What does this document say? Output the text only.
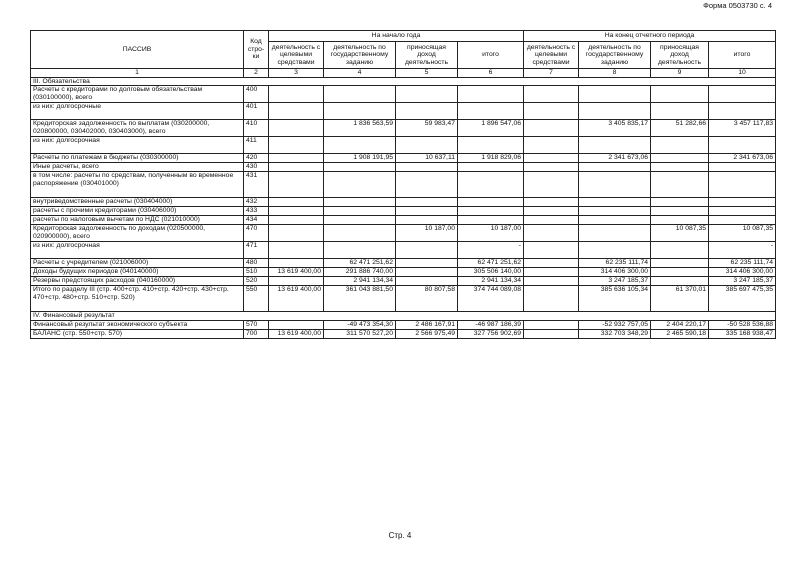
Форма 0503730 с. 4
ПАССИВ	Код стро-ки	На начало года				На конец отчетного периода			
		деятельность с целевыми средствами	деятельность по государственному заданию	приносящая доход деятельность	итого	деятельность с целевыми средствами	деятельность по государственному заданию	приносящая доход деятельность	итого
1	2	3	4	5	6	7	8	9	10
III. Обязательства									
Расчеты с кредиторами по долговым обязательствам (030100000), всего	400								
из них: долгосрочные	401								
Кредиторская задолженность по выплатам (030200000, 020800000, 030402000, 030403000), всего	410		1 836 563,59	59 983,47	1 896 547,06		3 405 835,17	51 282,66	3 457 117,83
из них: долгосрочная	411								
Расчеты по платежам в бюджеты (030300000)	420		1 908 191,95	10 637,11	1 918 829,06		2 341 673,06		2 341 673,06
Иные расчеты, всего	430								
в том числе: расчеты по средствам, полученным во временное распоряжение (030401000)	431								
внутриведомственные расчеты (030404000)	432								
расчеты с прочими кредиторами (030406000)	433								
расчеты по налоговым вычетам по НДС (021010000)	434								
Кредиторская задолженность по доходам (020500000, 020900000), всего	470			10 187,00	10 187,00			10 087,35	10 087,35
из них: долгосрочная	471				-				-
Расчеты с учредителем (021006000)	480		62 471 251,62		62 471 251,62		62 235 111,74		62 235 111,74
Доходы будущих периодов (040140000)	510	13 619 400,00	291 886 740,00		305 506 140,00		314 406 300,00		314 406 300,00
Резервы предстоящих расходов (040160000)	520		2 941 134,34		2 941 134,34		3 247 185,37		3 247 185,37
Итого по разделу III (стр. 400+стр. 410+стр. 420+стр. 430+стр. 470+стр. 480+стр. 510+стр. 520)	550	13 619 400,00	361 043 881,50	80 807,58	374 744 089,08		385 636 105,34	61 370,01	385 697 475,35
IV. Финансовый результат									
Финансовый результат экономического субъекта	570		-49 473 354,30	2 486 167,91	-46 987 186,39		-52 932 757,05	2 404 220,17	-50 528 536,88
БАЛАНС (стр. 550+стр. 570)	700	13 619 400,00	311 570 527,20	2 566 975,49	327 756 902,69		332 703 348,29	2 465 590,18	335 168 938,47
Стр. 4
